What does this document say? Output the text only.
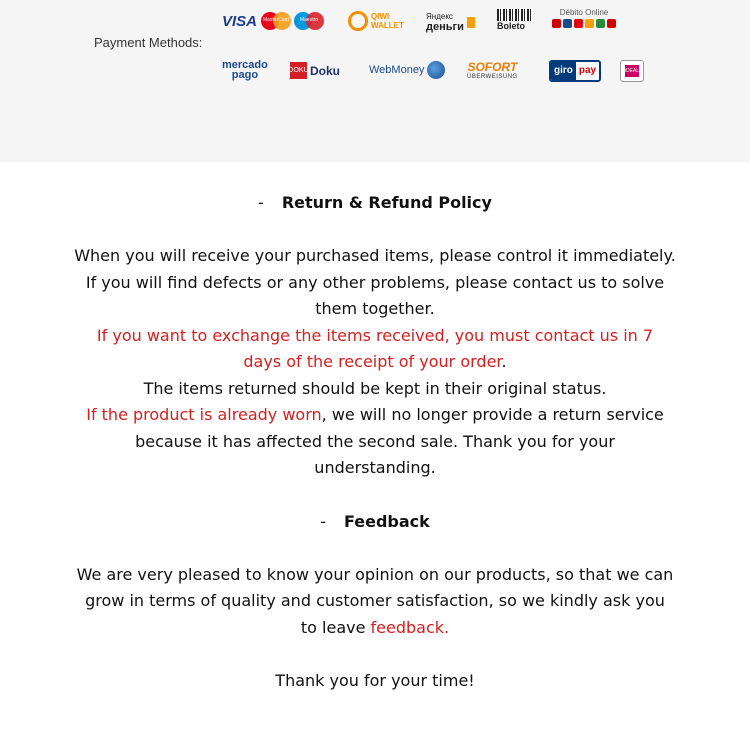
Payment Methods:
VISA MasterCard	Maestro	QIWI
WALLET
Яндекс
деньги	Boleto
Débito Online
mercado
pago	DOKU Doku	WebMoney	SOFORT
ÜBERWEISUNG
giro pay	iDEAL
- Return & Refund Policy
When you will receive your purchased items, please control it immediately.
If you will find defects or any other problems, please contact us to solve
them together.
If you want to exchange the items received, you must contact us in 7
days of the receipt of your order.
The items returned should be kept in their original status.
If the product is already worn, we will no longer provide a return service
because it has affected the second sale. Thank you for your
understanding.
- Feedback
We are very pleased to know your opinion on our products, so that we can
grow in terms of quality and customer satisfaction, so we kindly ask you
to leave feedback.
Thank you for your time!
